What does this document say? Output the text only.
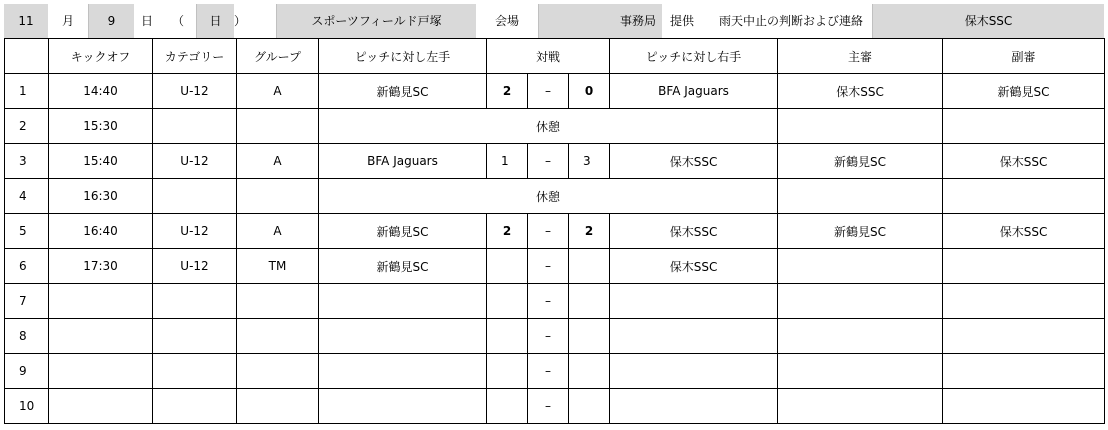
11	月	9	日	（	日	）	スポーツフィールド戸塚	会場	事務局	提供	雨天中止の判断および連絡	保木SSC
	キックオフ	カテゴリー	グループ	ピッチに対し左手	対戦			ピッチに対し右手	主審	副審
1	14:40	U-12	A	新鶴見SC	2	–	0	BFA Jaguars	保木SSC	新鶴見SC
2	15:30			休憩						
3	15:40	U-12	A	BFA Jaguars	1	–	3	保木SSC	新鶴見SC	保木SSC
4	16:30			休憩						
5	16:40	U-12	A	新鶴見SC	2	–	2	保木SSC	新鶴見SC	保木SSC
6	17:30	U-12	TM	新鶴見SC		–		保木SSC		
7						–				
8						–				
9						–				
10						–				
